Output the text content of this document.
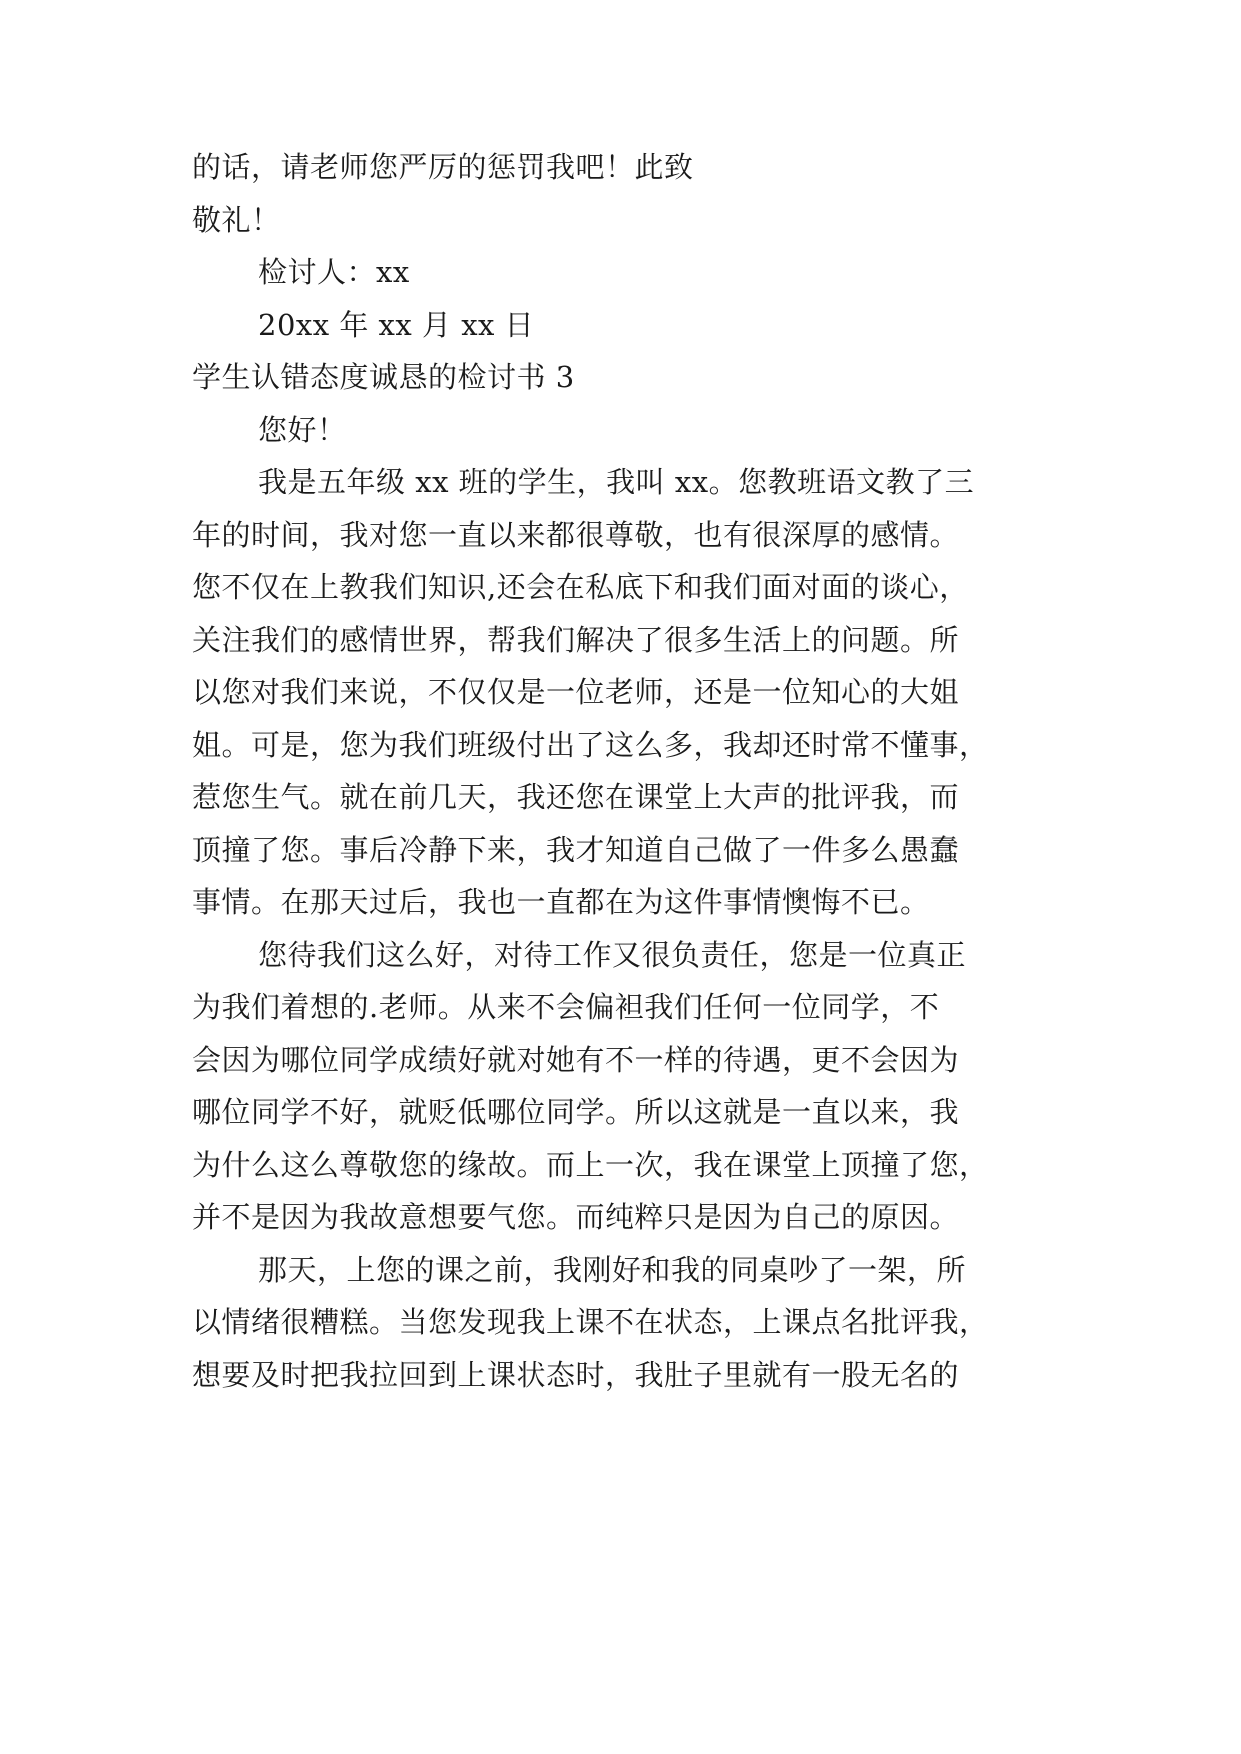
的话，请老师您严厉的惩罚我吧！此致
敬礼！
检讨人：xx
20xx 年 xx 月 xx 日
学生认错态度诚恳的检讨书 3
您好！
我是五年级 xx 班的学生，我叫 xx。您教班语文教了三
年的时间，我对您一直以来都很尊敬，也有很深厚的感情。
您不仅在上教我们知识,还会在私底下和我们面对面的谈心，
关注我们的感情世界，帮我们解决了很多生活上的问题。所
以您对我们来说，不仅仅是一位老师，还是一位知心的大姐
姐。可是，您为我们班级付出了这么多，我却还时常不懂事，
惹您生气。就在前几天，我还您在课堂上大声的批评我，而
顶撞了您。事后冷静下来，我才知道自己做了一件多么愚蠢
事情。在那天过后，我也一直都在为这件事情懊悔不已。
您待我们这么好，对待工作又很负责任，您是一位真正
为我们着想的.老师。从来不会偏袒我们任何一位同学，不
会因为哪位同学成绩好就对她有不一样的待遇，更不会因为
哪位同学不好，就贬低哪位同学。所以这就是一直以来，我
为什么这么尊敬您的缘故。而上一次，我在课堂上顶撞了您，
并不是因为我故意想要气您。而纯粹只是因为自己的原因。
那天，上您的课之前，我刚好和我的同桌吵了一架，所
以情绪很糟糕。当您发现我上课不在状态，上课点名批评我，
想要及时把我拉回到上课状态时，我肚子里就有一股无名的
